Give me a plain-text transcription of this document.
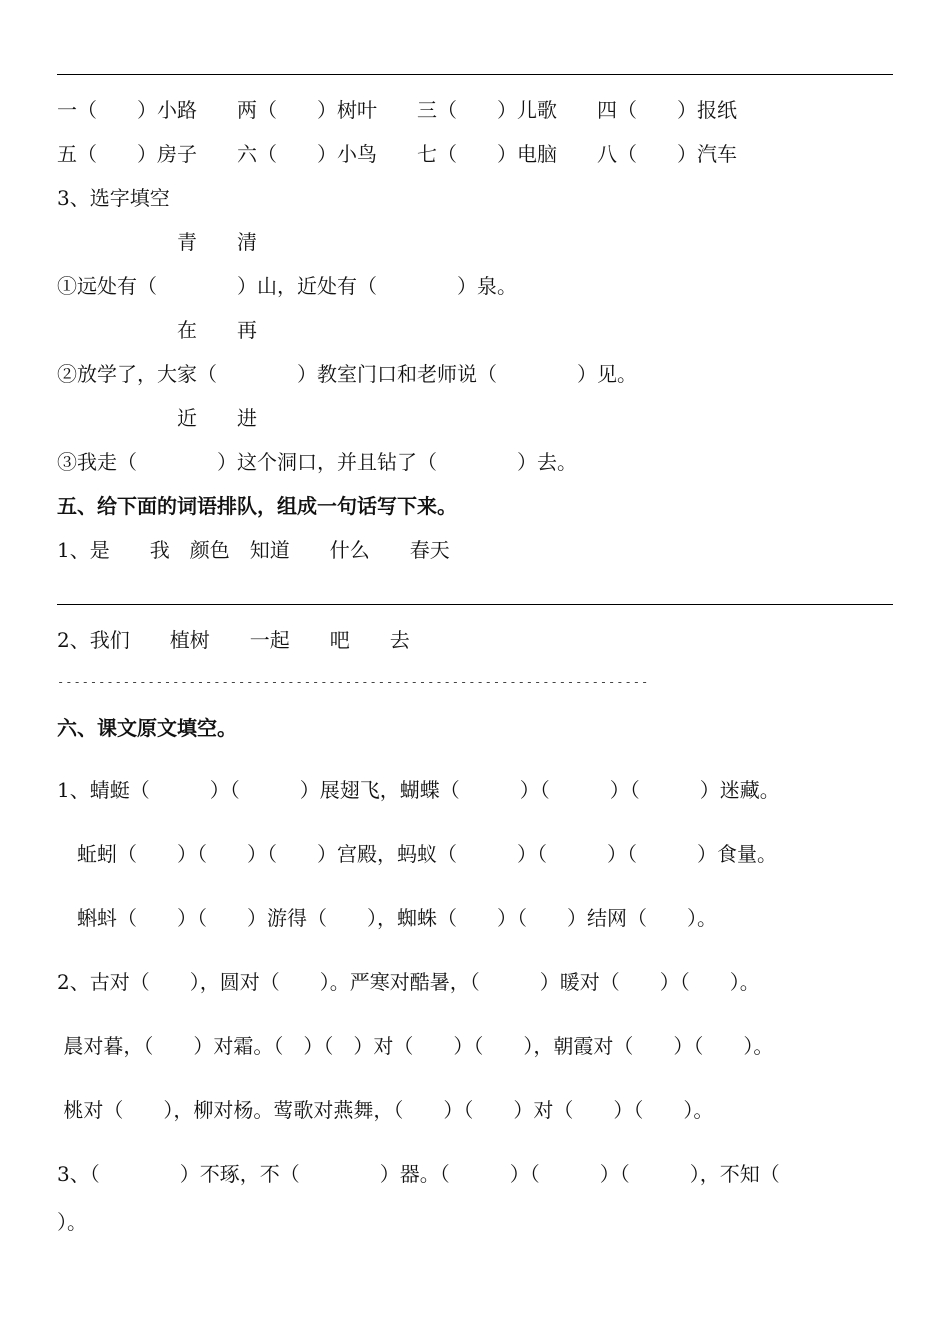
一（　　）小路　　两（　　）树叶　　三（　　）儿歌　　四（　　）报纸
五（　　）房子　　六（　　）小鸟　　七（　　）电脑　　八（　　）汽车
3、选字填空
　　　　　　青　　清
①远处有（　　　　）山，近处有（　　　　）泉。
　　　　　　在　　再
②放学了，大家（　　　　）教室门口和老师说（　　　　）见。
　　　　　　近　　进
③我走（　　　　）这个洞口，并且钻了（　　　　）去。
五、给下面的词语排队，组成一句话写下来。
1、是　　我　颜色　知道　　什么　　春天
2、我们　　植树　　一起　　吧　　去
------------------------------------------------------------------------
六、课文原文填空。
1、蜻蜓（　　　）（　　　）展翅飞，蝴蝶（　　　）（　　　）（　　　）迷藏。
　蚯蚓（　　）（　　）（　　）宫殿，蚂蚁（　　　）（　　　）（　　　）食量。
　蝌蚪（　　）（　　）游得（　　），蜘蛛（　　）（　　）结网（　　）。
2、古对（　　），圆对（　　）。严寒对酷暑，（　　　）暖对（　　）（　　）。
晨对暮，（　　）对霜。（　）（　）对（　　）（　　），朝霞对（　　）（　　）。
桃对（　　），柳对杨。莺歌对燕舞，（　　）（　　）对（　　）（　　）。
3、（　　　　）不琢，不（　　　　）器。（　　　）（　　　）（　　　），不知（
）。
